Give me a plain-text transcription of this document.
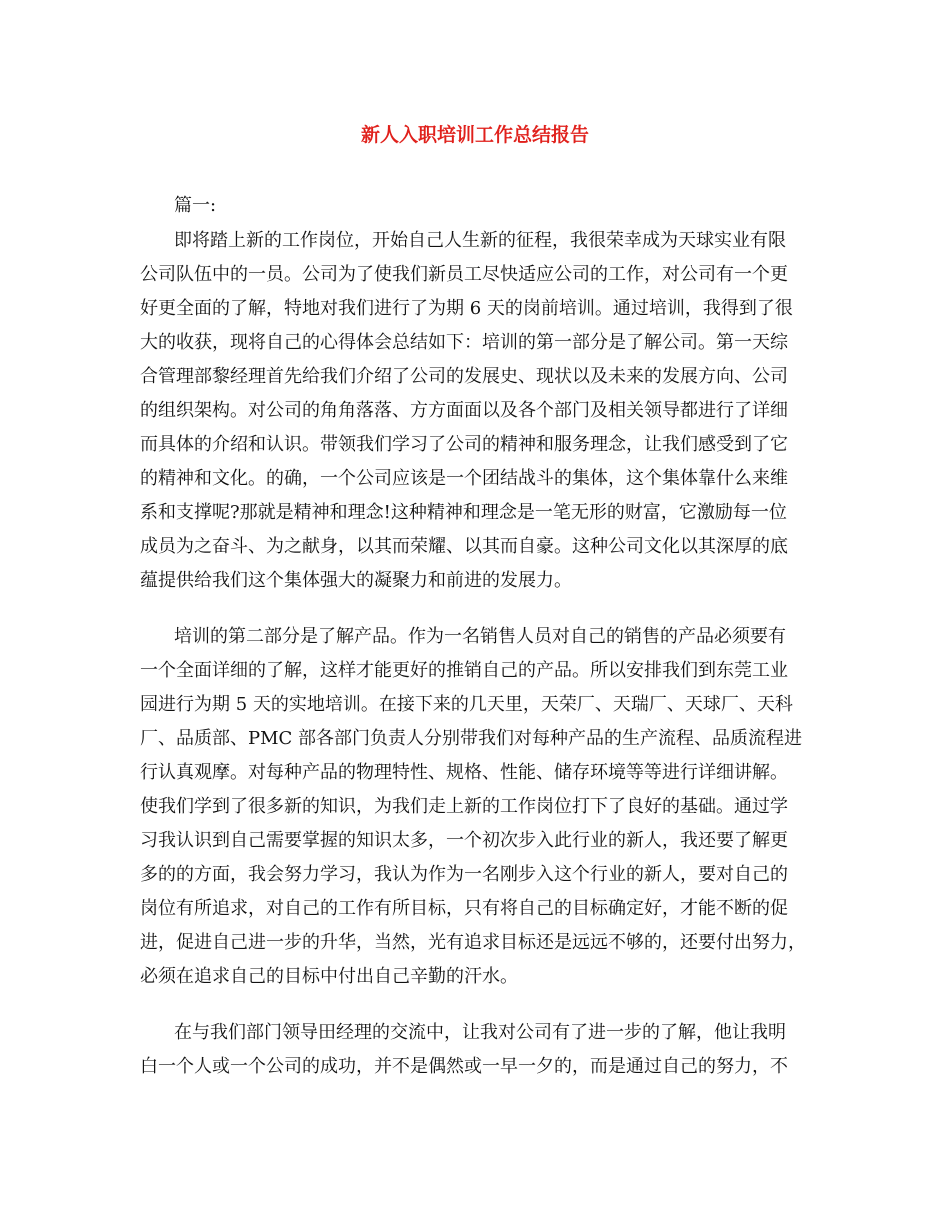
新人入职培训工作总结报告
篇一:
即将踏上新的工作岗位，开始自己人生新的征程，我很荣幸成为天球实业有限
公司队伍中的一员。公司为了使我们新员工尽快适应公司的工作，对公司有一个更
好更全面的了解，特地对我们进行了为期 6 天的岗前培训。通过培训，我得到了很
大的收获，现将自己的心得体会总结如下：培训的第一部分是了解公司。第一天综
合管理部黎经理首先给我们介绍了公司的发展史、现状以及未来的发展方向、公司
的组织架构。对公司的角角落落、方方面面以及各个部门及相关领导都进行了详细
而具体的介绍和认识。带领我们学习了公司的精神和服务理念，让我们感受到了它
的精神和文化。的确，一个公司应该是一个团结战斗的集体，这个集体靠什么来维
系和支撑呢?那就是精神和理念!这种精神和理念是一笔无形的财富，它激励每一位
成员为之奋斗、为之献身，以其而荣耀、以其而自豪。这种公司文化以其深厚的底
蕴提供给我们这个集体强大的凝聚力和前进的发展力。
培训的第二部分是了解产品。作为一名销售人员对自己的销售的产品必须要有
一个全面详细的了解，这样才能更好的推销自己的产品。所以安排我们到东莞工业
园进行为期 5 天的实地培训。在接下来的几天里，天荣厂、天瑞厂、天球厂、天科
厂、品质部、PMC 部各部门负责人分别带我们对每种产品的生产流程、品质流程进
行认真观摩。对每种产品的物理特性、规格、性能、储存环境等等进行详细讲解。
使我们学到了很多新的知识，为我们走上新的工作岗位打下了良好的基础。通过学
习我认识到自己需要掌握的知识太多，一个初次步入此行业的新人，我还要了解更
多的的方面，我会努力学习，我认为作为一名刚步入这个行业的新人，要对自己的
岗位有所追求，对自己的工作有所目标，只有将自己的目标确定好，才能不断的促
进，促进自己进一步的升华，当然，光有追求目标还是远远不够的，还要付出努力，
必须在追求自己的目标中付出自己辛勤的汗水。
在与我们部门领导田经理的交流中，让我对公司有了进一步的了解，他让我明
白一个人或一个公司的成功，并不是偶然或一早一夕的，而是通过自己的努力，不
